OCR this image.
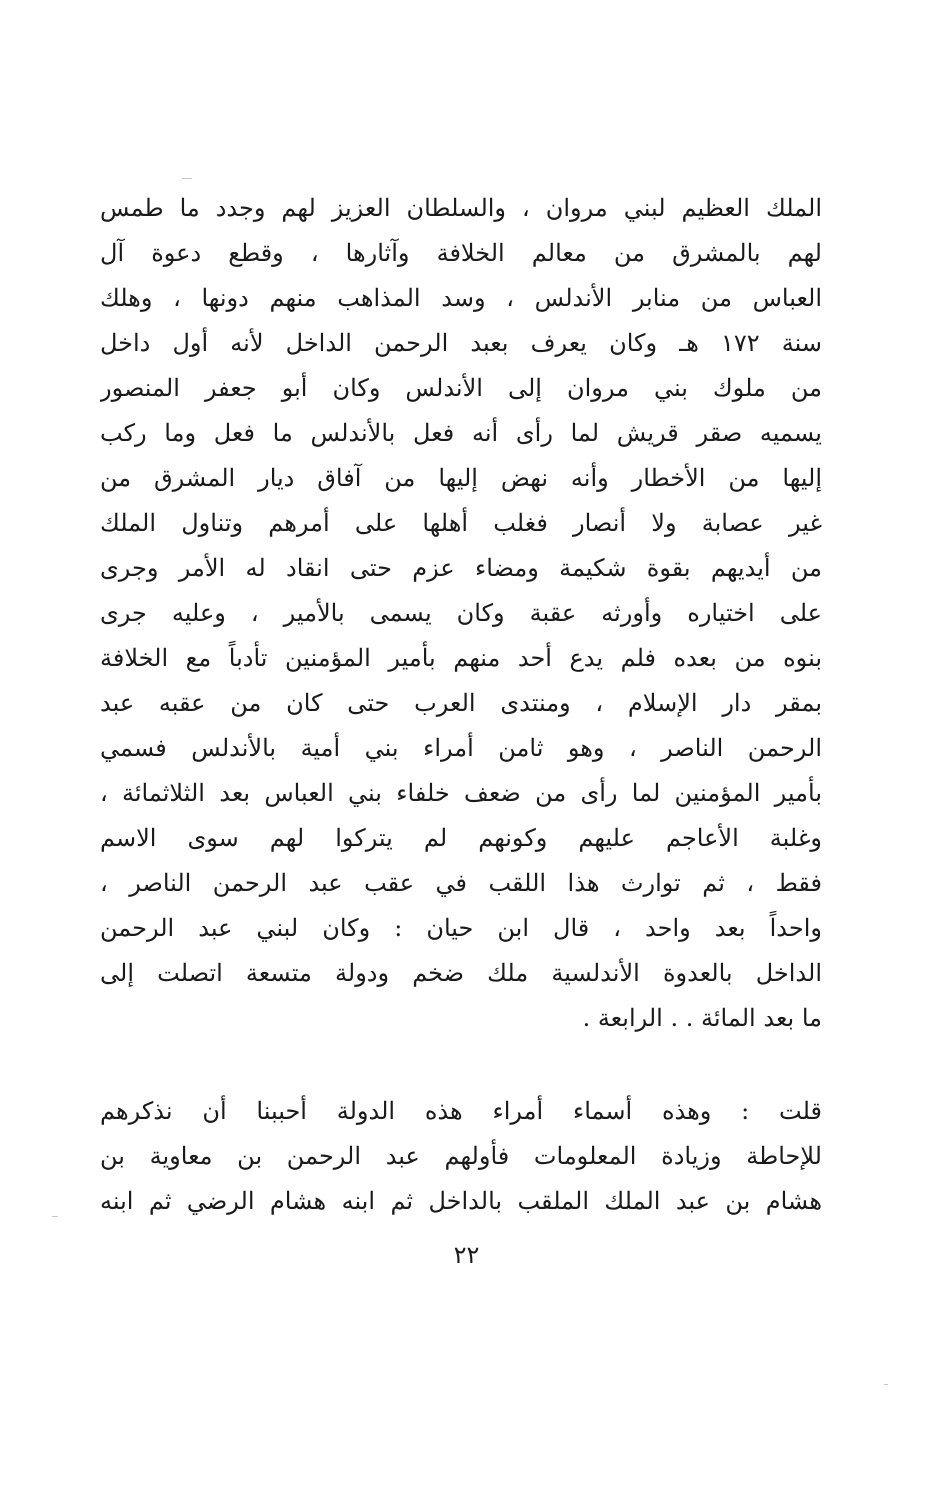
الملك العظيم لبني مروان ، والسلطان العزيز لهم وجدد ما طمس
لهم بالمشرق من معالم الخلافة وآثارها ، وقطع دعوة آل
العباس من منابر الأندلس ، وسد المذاهب منهم دونها ، وهلك
سنة ١٧٢ هـ وكان يعرف بعبد الرحمن الداخل لأنه أول داخل
من ملوك بني مروان إلى الأندلس وكان أبو جعفر المنصور
يسميه صقر قريش لما رأى أنه فعل بالأندلس ما فعل وما ركب
إليها من الأخطار وأنه نهض إليها من آفاق ديار المشرق من
غير عصابة ولا أنصار فغلب أهلها على أمرهم وتناول الملك
من أيديهم بقوة شكيمة ومضاء عزم حتى انقاد له الأمر وجرى
على اختياره وأورثه عقبة وكان يسمى بالأمير ، وعليه جرى
بنوه من بعده فلم يدع أحد منهم بأمير المؤمنين تأدباً مع الخلافة
بمقر دار الإسلام ، ومنتدى العرب حتى كان من عقبه عبد
الرحمن الناصر ، وهو ثامن أمراء بني أمية بالأندلس فسمي
بأمير المؤمنين لما رأى من ضعف خلفاء بني العباس بعد الثلاثمائة ،
وغلبة الأعاجم عليهم وكونهم لم يتركوا لهم سوى الاسم
فقط ، ثم توارث هذا اللقب في عقب عبد الرحمن الناصر ،
واحداً بعد واحد ، قال ابن حيان : وكان لبني عبد الرحمن
الداخل بالعدوة الأندلسية ملك ضخم ودولة متسعة اتصلت إلى
ما بعد المائة . . الرابعة .
قلت : وهذه أسماء أمراء هذه الدولة أحببنا أن نذكرهم
للإحاطة وزيادة المعلومات فأولهم عبد الرحمن بن معاوية بن
هشام بن عبد الملك الملقب بالداخل ثم ابنه هشام الرضي ثم ابنه
٢٢
